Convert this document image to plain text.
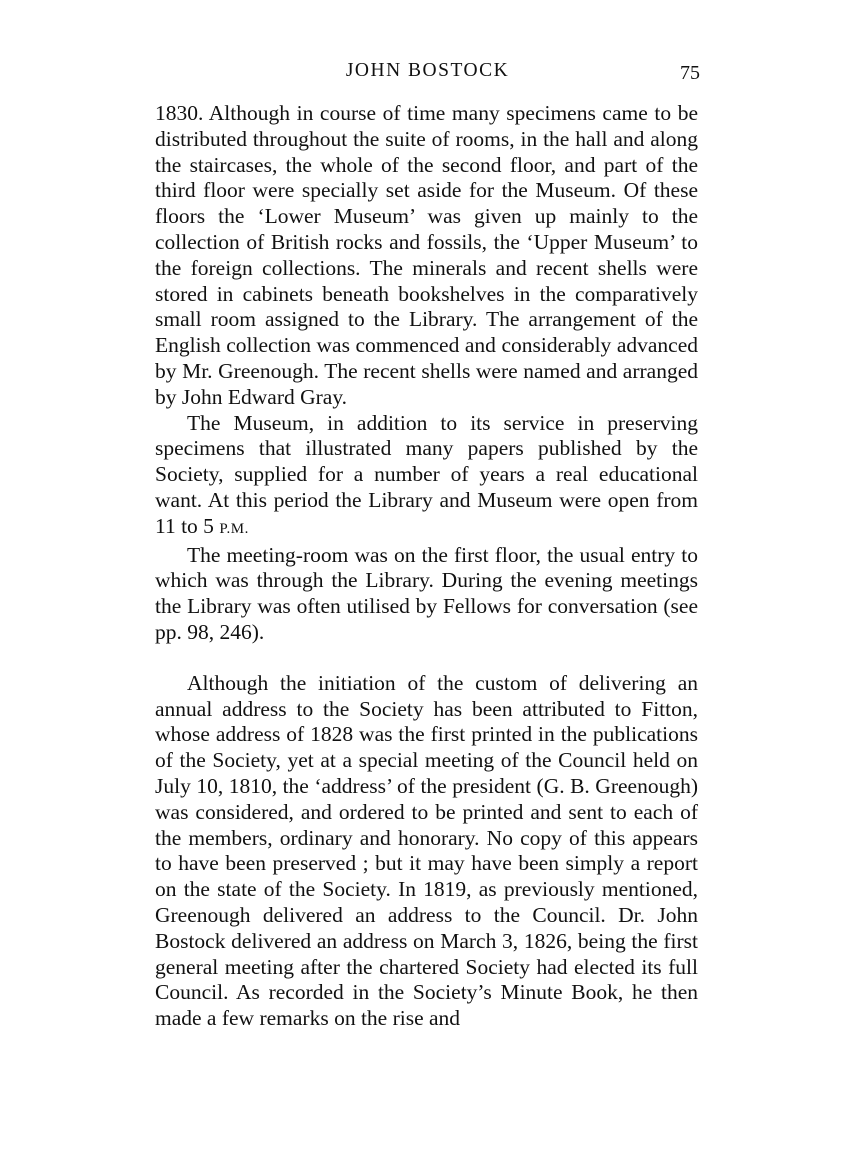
JOHN BOSTOCK	75

1830. Although in course of time many specimens came to be distributed throughout the suite of rooms, in the hall and along the staircases, the whole of the second floor, and part of the third floor were specially set aside for the Museum. Of these floors the ‘Lower Museum’ was given up mainly to the collection of British rocks and fossils, the ‘Upper Museum’ to the foreign collections. The minerals and recent shells were stored in cabinets beneath bookshelves in the comparatively small room assigned to the Library. The arrangement of the English collection was commenced and considerably advanced by Mr. Greenough. The recent shells were named and arranged by John Edward Gray.

The Museum, in addition to its service in preserving specimens that illustrated many papers published by the Society, supplied for a number of years a real educational want. At this period the Library and Museum were open from 11 to 5 P.M.

The meeting-room was on the first floor, the usual entry to which was through the Library. During the evening meetings the Library was often utilised by Fellows for conversation (see pp. 98, 246).

Although the initiation of the custom of delivering an annual address to the Society has been attributed to Fitton, whose address of 1828 was the first printed in the publications of the Society, yet at a special meeting of the Council held on July 10, 1810, the ‘address’ of the president (G. B. Greenough) was considered, and ordered to be printed and sent to each of the members, ordinary and honorary. No copy of this appears to have been preserved ; but it may have been simply a report on the state of the Society. In 1819, as previously mentioned, Greenough delivered an address to the Council. Dr. John Bostock delivered an address on March 3, 1826, being the first general meeting after the chartered Society had elected its full Council. As recorded in the Society’s Minute Book, he then made a few remarks on the rise and
